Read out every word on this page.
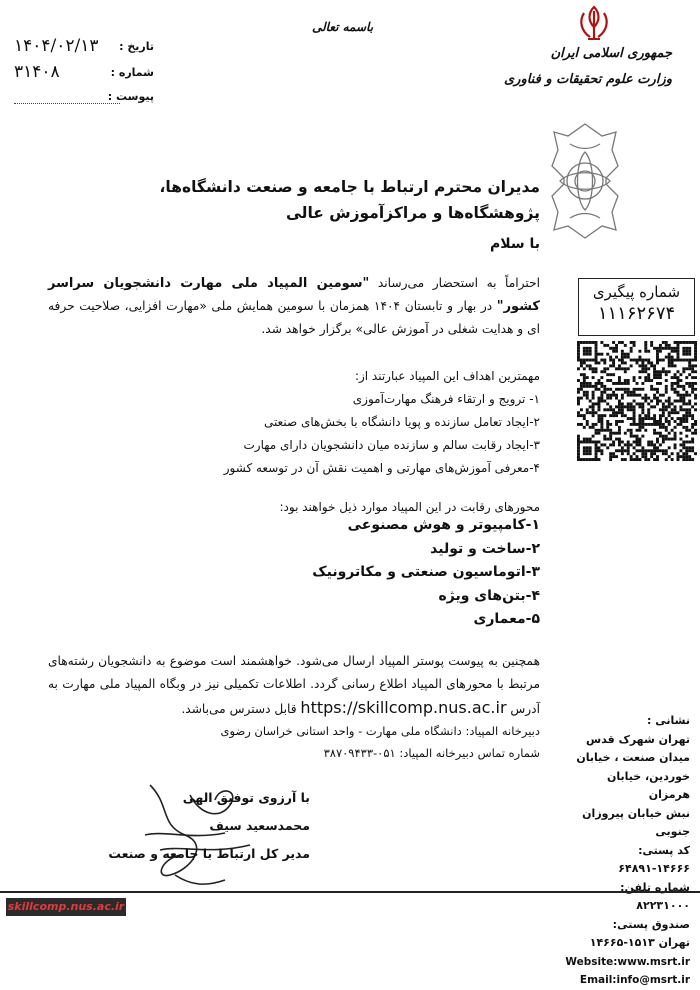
جمهوری اسلامی ایران
وزارت علوم تحقیقات و فناوری
تاریخ :
۱۴۰۴/۰۲/۱۳
شماره :
۳۱۴۰۸
پیوست :
باسمه تعالی
مدیران محترم ارتباط با جامعه و صنعت دانشگاه‌ها، پژوهشگاه‌ها و مراکزآموزش عالی
با سلام
احتراماً به استحضار می‌رساند "سومین المپیاد ملی مهارت دانشجویان سراسر کشور" در بهار و تابستان ۱۴۰۴ همزمان با سومین همایش ملی «مهارت افزایی، صلاحیت حرفه ای و هدایت شغلی در آموزش عالی» برگزار خواهد شد.
مهمترین اهداف این المپیاد عبارتند از:
۱- ترویج و ارتقاء فرهنگ مهارت‌آموزی
۲-ایجاد تعامل سازنده و پویا دانشگاه با بخش‌های صنعتی
۳-ایجاد رقابت سالم و سازنده میان دانشجویان دارای مهارت
۴-معرفی آموزش‌های مهارتی و اهمیت نقش آن در توسعه کشور
محورهای رقابت در این المپیاد موارد ذیل خواهند بود:
۱-کامپیوتر و هوش مصنوعی
۲-ساخت و تولید
۳-اتوماسیون صنعتی و مکاترونیک
۴-بتن‌های ویژه
۵-معماری
همچنین به پیوست پوستر المپیاد ارسال می‌شود. خواهشمند است موضوع به دانشجویان رشته‌های مرتبط با محورهای المپیاد اطلاع رسانی گردد. اطلاعات تکمیلی نیز در وبگاه المپیاد ملی مهارت به آدرس https://skillcomp.nus.ac.ir قابل دسترس می‌باشد.
دبیرخانه المپیاد: دانشگاه ملی مهارت - واحد استانی خراسان رضوی
شماره تماس دبیرخانه المپیاد: ۰۵۱-۳۸۷۰۹۴۳۳
با آرزوی توفیق الهی
محمدسعید سیف
مدیر کل ارتباط با جامعه و صنعت
شماره پیگیری
۱۱۱۶۲۶۷۴
نشانی :
تهران شهرک قدس
میدان صنعت ، خیابان
خوردین، خیابان هرمزان
نبش خیابان پیروزان جنوبی
کد پستی: ۱۴۶۶۶-۶۴۸۹۱
شماره تلفن: ۸۲۲۳۱۰۰۰
صندوق پستی:
تهران ۱۵۱۳-۱۴۶۶۵
Website:www.msrt.ir
Email:info@msrt.ir
skillcomp.nus.ac.ir
